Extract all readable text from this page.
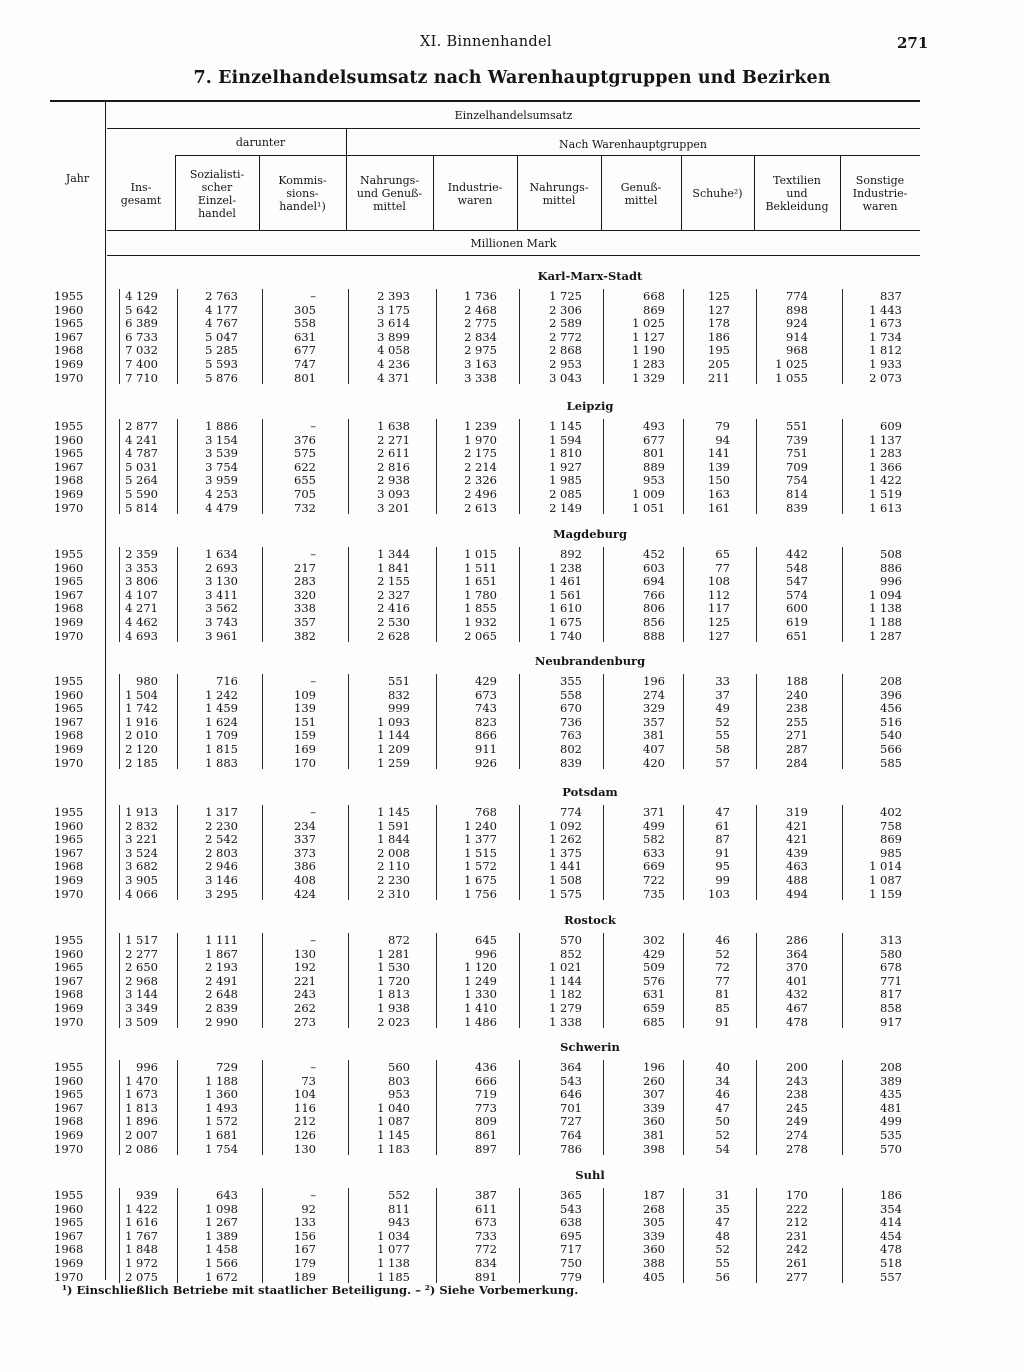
XI. Binnenhandel	271
7. Einzelhandelsumsatz nach Warenhauptgruppen und Bezirken
Jahr
Einzelhandelsumsatz
darunter	Nach Warenhauptgruppen
Millionen Mark
Ins-
gesamt
Sozialisti-
scher
Einzel-
handel
Kommis-
sions-
handel¹)
Nahrungs-
und Genuß-
mittel
Industrie-
waren
Nahrungs-
mittel
Genuß-
mittel	Schuhe²)
Textilien
und
Bekleidung
Sonstige
Industrie-
waren
Karl-Marx-Stadt
1955	4 129	2 763	–	2 393	1 736	1 725	668	125	774	837
1960	5 642	4 177	305	3 175	2 468	2 306	869	127	898	1 443
1965	6 389	4 767	558	3 614	2 775	2 589	1 025	178	924	1 673
1967	6 733	5 047	631	3 899	2 834	2 772	1 127	186	914	1 734
1968	7 032	5 285	677	4 058	2 975	2 868	1 190	195	968	1 812
1969	7 400	5 593	747	4 236	3 163	2 953	1 283	205	1 025	1 933
1970	7 710	5 876	801	4 371	3 338	3 043	1 329	211	1 055	2 073
Leipzig
1955	2 877	1 886	–	1 638	1 239	1 145	493	79	551	609
1960	4 241	3 154	376	2 271	1 970	1 594	677	94	739	1 137
1965	4 787	3 539	575	2 611	2 175	1 810	801	141	751	1 283
1967	5 031	3 754	622	2 816	2 214	1 927	889	139	709	1 366
1968	5 264	3 959	655	2 938	2 326	1 985	953	150	754	1 422
1969	5 590	4 253	705	3 093	2 496	2 085	1 009	163	814	1 519
1970	5 814	4 479	732	3 201	2 613	2 149	1 051	161	839	1 613
Magdeburg
1955	2 359	1 634	–	1 344	1 015	892	452	65	442	508
1960	3 353	2 693	217	1 841	1 511	1 238	603	77	548	886
1965	3 806	3 130	283	2 155	1 651	1 461	694	108	547	996
1967	4 107	3 411	320	2 327	1 780	1 561	766	112	574	1 094
1968	4 271	3 562	338	2 416	1 855	1 610	806	117	600	1 138
1969	4 462	3 743	357	2 530	1 932	1 675	856	125	619	1 188
1970	4 693	3 961	382	2 628	2 065	1 740	888	127	651	1 287
Neubrandenburg
1955	980	716	–	551	429	355	196	33	188	208
1960	1 504	1 242	109	832	673	558	274	37	240	396
1965	1 742	1 459	139	999	743	670	329	49	238	456
1967	1 916	1 624	151	1 093	823	736	357	52	255	516
1968	2 010	1 709	159	1 144	866	763	381	55	271	540
1969	2 120	1 815	169	1 209	911	802	407	58	287	566
1970	2 185	1 883	170	1 259	926	839	420	57	284	585
Potsdam
1955	1 913	1 317	–	1 145	768	774	371	47	319	402
1960	2 832	2 230	234	1 591	1 240	1 092	499	61	421	758
1965	3 221	2 542	337	1 844	1 377	1 262	582	87	421	869
1967	3 524	2 803	373	2 008	1 515	1 375	633	91	439	985
1968	3 682	2 946	386	2 110	1 572	1 441	669	95	463	1 014
1969	3 905	3 146	408	2 230	1 675	1 508	722	99	488	1 087
1970	4 066	3 295	424	2 310	1 756	1 575	735	103	494	1 159
Rostock
1955	1 517	1 111	–	872	645	570	302	46	286	313
1960	2 277	1 867	130	1 281	996	852	429	52	364	580
1965	2 650	2 193	192	1 530	1 120	1 021	509	72	370	678
1967	2 968	2 491	221	1 720	1 249	1 144	576	77	401	771
1968	3 144	2 648	243	1 813	1 330	1 182	631	81	432	817
1969	3 349	2 839	262	1 938	1 410	1 279	659	85	467	858
1970	3 509	2 990	273	2 023	1 486	1 338	685	91	478	917
Schwerin
1955	996	729	–	560	436	364	196	40	200	208
1960	1 470	1 188	73	803	666	543	260	34	243	389
1965	1 673	1 360	104	953	719	646	307	46	238	435
1967	1 813	1 493	116	1 040	773	701	339	47	245	481
1968	1 896	1 572	212	1 087	809	727	360	50	249	499
1969	2 007	1 681	126	1 145	861	764	381	52	274	535
1970	2 086	1 754	130	1 183	897	786	398	54	278	570
Suhl
1955	939	643	–	552	387	365	187	31	170	186
1960	1 422	1 098	92	811	611	543	268	35	222	354
1965	1 616	1 267	133	943	673	638	305	47	212	414
1967	1 767	1 389	156	1 034	733	695	339	48	231	454
1968	1 848	1 458	167	1 077	772	717	360	52	242	478
1969	1 972	1 566	179	1 138	834	750	388	55	261	518
1970	2 075	1 672	189	1 185	891	779	405	56	277	557
¹) Einschließlich Betriebe mit staatlicher Beteiligung. – ²) Siehe Vorbemerkung.
